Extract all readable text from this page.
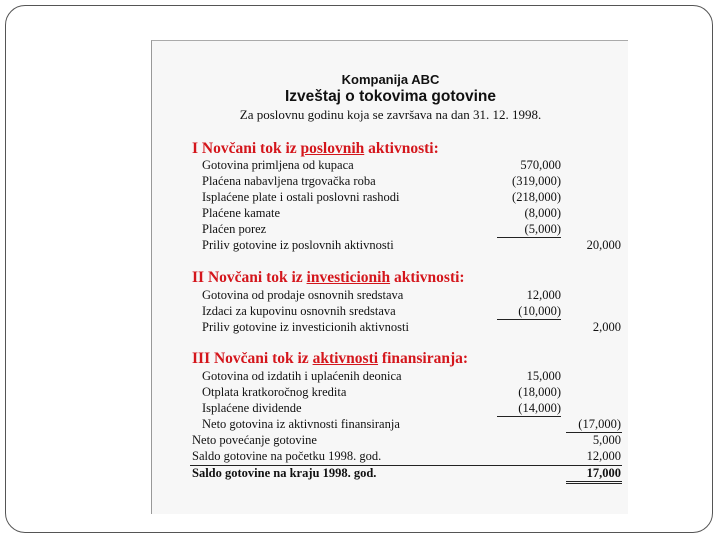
Kompanija ABC
Izveštaj o tokovima gotovine
Za poslovnu godinu koja se završava na dan 31. 12. 1998.
I Novčani tok iz poslovnih aktivnosti:
Gotovina primljena od kupaca	570,000
Plaćena nabavljena trgovačka roba	(319,000)
Isplaćene plate i ostali poslovni rashodi	(218,000)
Plaćene kamate	(8,000)
Plaćen porez	(5,000)
Priliv gotovine iz poslovnih aktivnosti	20,000
II Novčani tok iz investicionih aktivnosti:
Gotovina od prodaje osnovnih sredstava	12,000
Izdaci za kupovinu osnovnih sredstava	(10,000)
Priliv gotovine iz investicionih aktivnosti	2,000
III Novčani tok iz aktivnosti finansiranja:
Gotovina od izdatih i uplaćenih deonica	15,000
Otplata kratkoročnog kredita	(18,000)
Isplaćene dividende	(14,000)
Neto gotovina iz aktivnosti finansiranja	(17,000)
Neto povećanje gotovine	5,000
Saldo gotovine na početku 1998. god.	12,000
Saldo gotovine na kraju 1998. god.	17,000
